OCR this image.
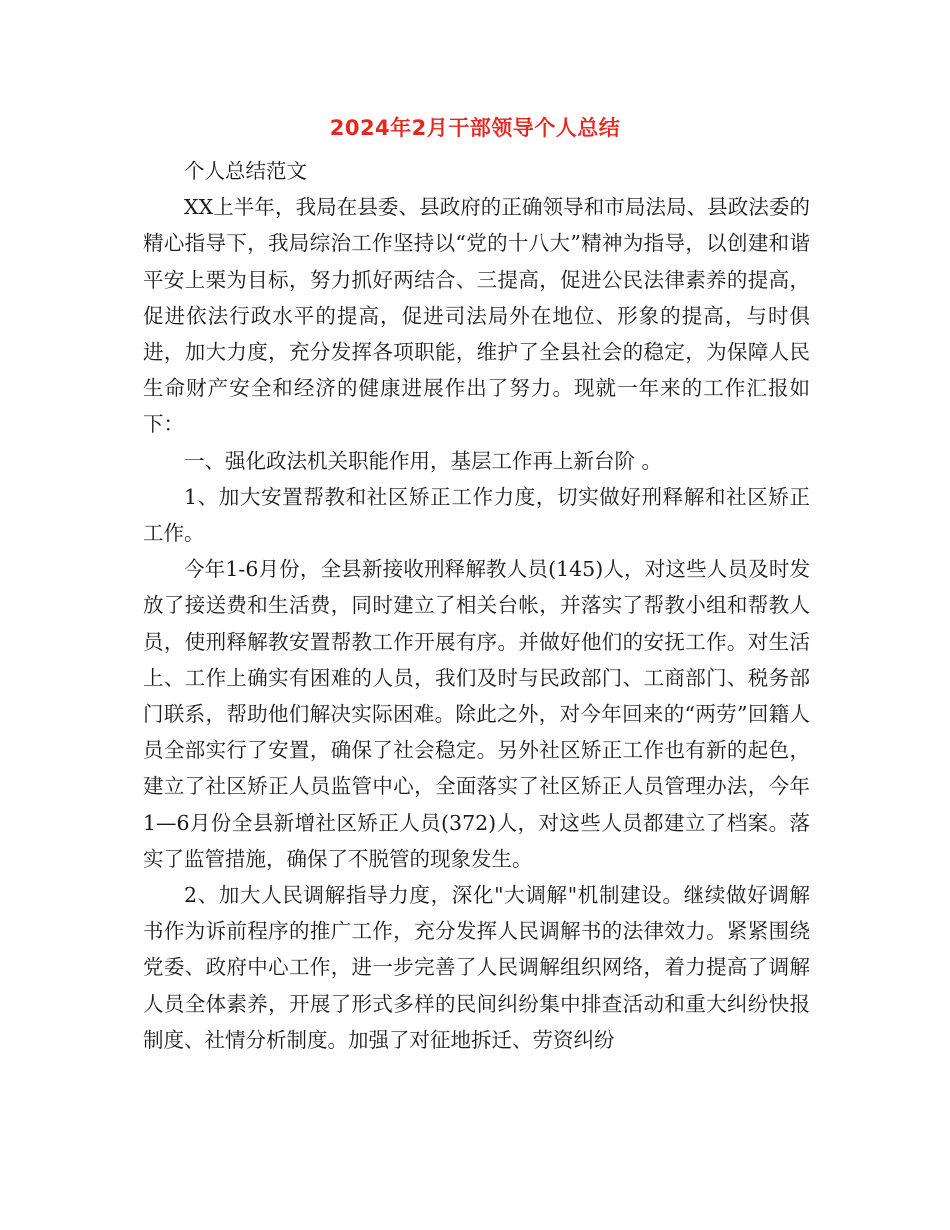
2024年2月干部领导个人总结

个人总结范文

XX上半年，我局在县委、县政府的正确领导和市局法局、县政法委的精心指导下，我局综治工作坚持以“党的十八大”精神为指导，以创建和谐平安上栗为目标，努力抓好两结合、三提高，促进公民法律素养的提高，促进依法行政水平的提高，促进司法局外在地位、形象的提高，与时俱进，加大力度，充分发挥各项职能，维护了全县社会的稳定，为保障人民生命财产安全和经济的健康进展作出了努力。现就一年来的工作汇报如下：

一、强化政法机关职能作用，基层工作再上新台阶 。

1、加大安置帮教和社区矫正工作力度，切实做好刑释解和社区矫正工作。

今年1-6月份，全县新接收刑释解教人员(145)人，对这些人员及时发放了接送费和生活费，同时建立了相关台帐，并落实了帮教小组和帮教人员，使刑释解教安置帮教工作开展有序。并做好他们的安抚工作。对生活上、工作上确实有困难的人员，我们及时与民政部门、工商部门、税务部门联系，帮助他们解决实际困难。除此之外，对今年回来的“两劳”回籍人员全部实行了安置，确保了社会稳定。另外社区矫正工作也有新的起色，建立了社区矫正人员监管中心，全面落实了社区矫正人员管理办法，今年1—6月份全县新增社区矫正人员(372)人，对这些人员都建立了档案。落实了监管措施，确保了不脱管的现象发生。

2、加大人民调解指导力度，深化"大调解"机制建设。继续做好调解书作为诉前程序的推广工作，充分发挥人民调解书的法律效力。紧紧围绕党委、政府中心工作，进一步完善了人民调解组织网络，着力提高了调解人员全体素养，开展了形式多样的民间纠纷集中排查活动和重大纠纷快报制度、社情分析制度。加强了对征地拆迁、劳资纠纷
